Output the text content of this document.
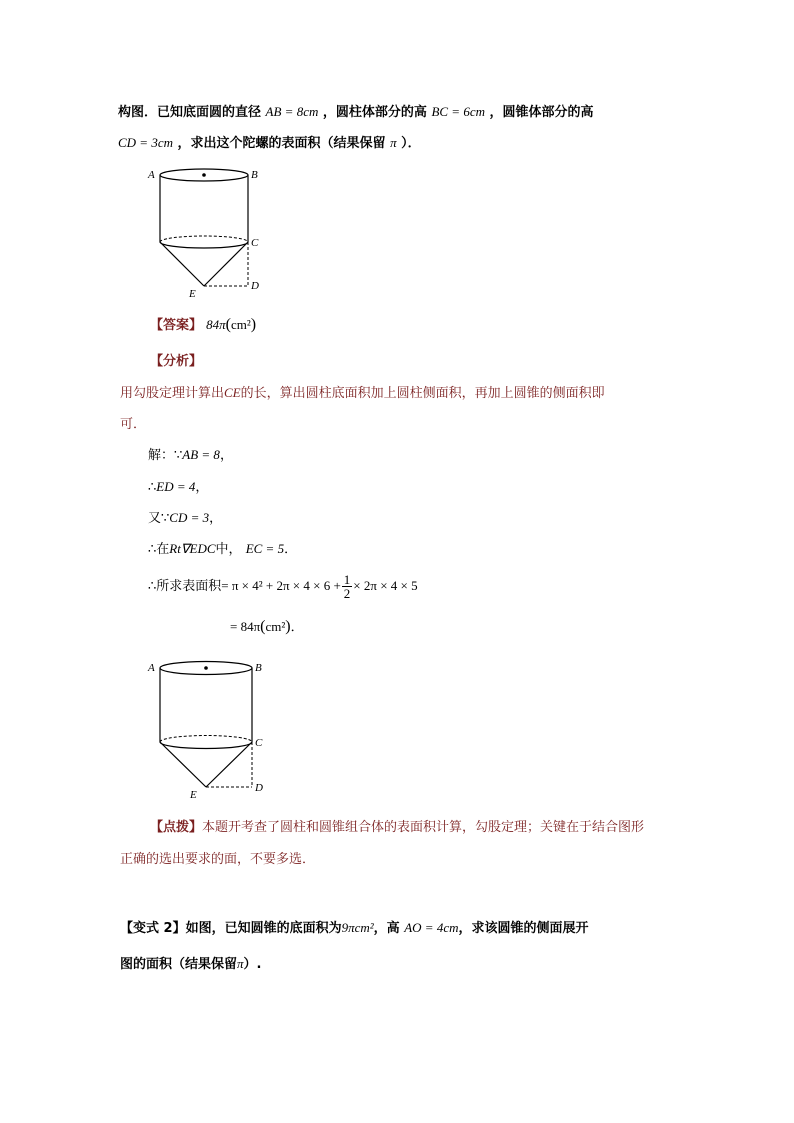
构图．已知底面圆的直径 AB = 8cm ，圆柱体部分的高 BC = 6cm ，圆锥体部分的高
CD = 3cm ，求出这个陀螺的表面积（结果保留 π ）．
A	B
C
D
E
【答案】 84π(cm²)
【分析】
用勾股定理计算出CE的长，算出圆柱底面积加上圆柱侧面积，再加上圆锥的侧面积即
可．
解：∵AB = 8，
∴ED = 4，
又∵CD = 3，
∴在Rt∇EDC中， EC = 5．
∴所求表面积= $\pi \times 4^2 + 2\pi \times 4 \times 6 + \frac{1}{2} \times 2\pi \times 4 \times 5$
= 84π(cm²)．
A	B
C
D
E
【点拨】本题开考查了圆柱和圆锥组合体的表面积计算，勾股定理；关键在于结合图形
正确的选出要求的面，不要多选．
【变式 2】如图，已知圆锥的底面积为9πcm²，高 AO = 4cm，求该圆锥的侧面展开
图的面积（结果保留π）.
